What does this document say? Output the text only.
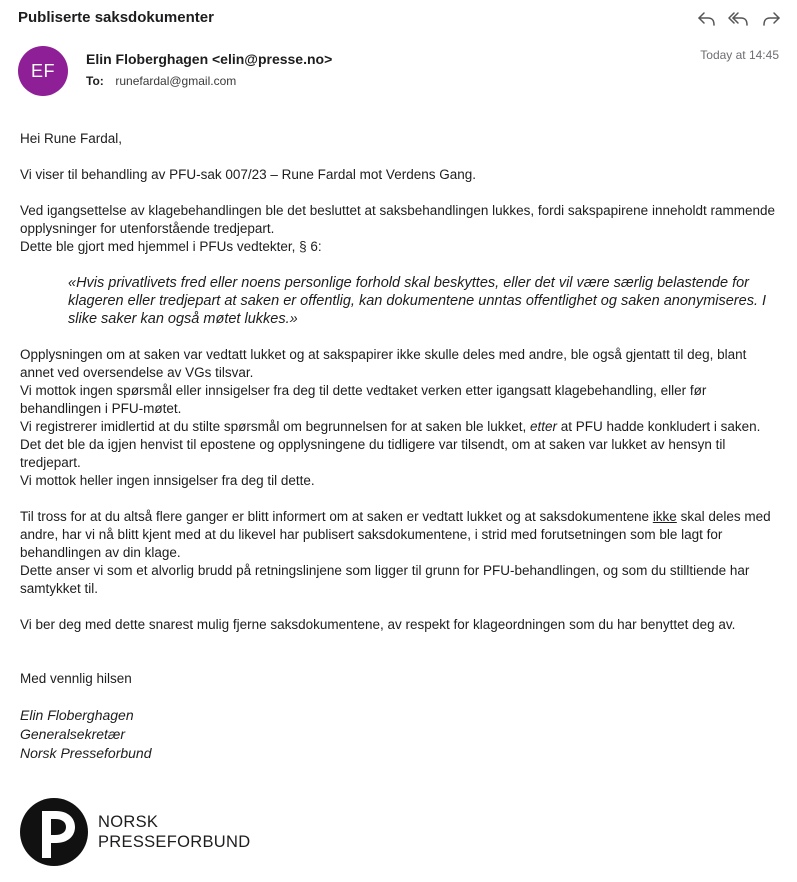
Publiserte saksdokumenter
EF
Elin Floberghagen <elin@presse.no>
To: runefardal@gmail.com
Today at 14:45

Hei Rune Fardal,

Vi viser til behandling av PFU-sak 007/23 – Rune Fardal mot Verdens Gang.

Ved igangsettelse av klagebehandlingen ble det besluttet at saksbehandlingen lukkes, fordi sakspapirene inneholdt rammende opplysninger for utenforstående tredjepart.

Dette ble gjort med hjemmel i PFUs vedtekter, § 6:

«Hvis privatlivets fred eller noens personlige forhold skal beskyttes, eller det vil være særlig belastende for klageren eller tredjepart at saken er offentlig, kan dokumentene unntas offentlighet og saken anonymiseres. I slike saker kan også møtet lukkes.»

Opplysningen om at saken var vedtatt lukket og at sakspapirer ikke skulle deles med andre, ble også gjentatt til deg, blant annet ved oversendelse av VGs tilsvar.

Vi mottok ingen spørsmål eller innsigelser fra deg til dette vedtaket verken etter igangsatt klagebehandling, eller før behandlingen i PFU-møtet.

Vi registrerer imidlertid at du stilte spørsmål om begrunnelsen for at saken ble lukket, etter at PFU hadde konkludert i saken. Det det ble da igjen henvist til epostene og opplysningene du tidligere var tilsendt, om at saken var lukket av hensyn til tredjepart.

Vi mottok heller ingen innsigelser fra deg til dette.

Til tross for at du altså flere ganger er blitt informert om at saken er vedtatt lukket og at saksdokumentene ikke skal deles med andre, har vi nå blitt kjent med at du likevel har publisert saksdokumentene, i strid med forutsetningen som ble lagt for behandlingen av din klage.

Dette anser vi som et alvorlig brudd på retningslinjene som ligger til grunn for PFU-behandlingen, og som du stilltiende har samtykket til.

Vi ber deg med dette snarest mulig fjerne saksdokumentene, av respekt for klageordningen som du har benyttet deg av.

Med vennlig hilsen

Elin Floberghagen

Generalsekretær

Norsk Presseforbund

NORSK
PRESSEFORBUND
